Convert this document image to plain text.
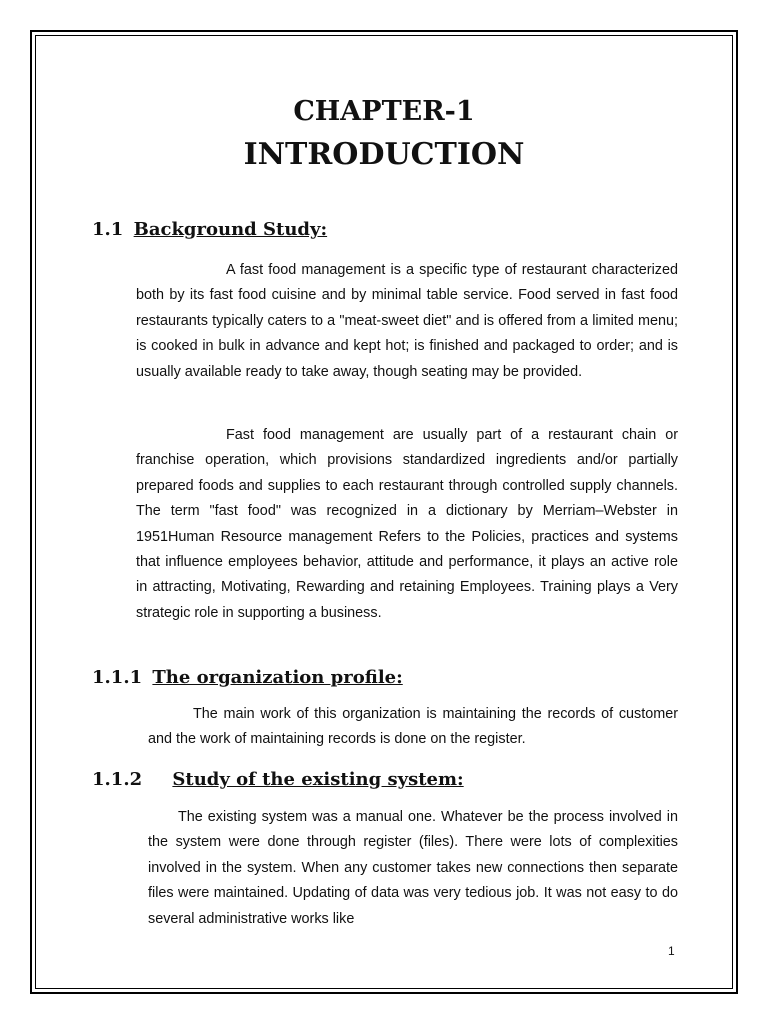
CHAPTER-1
INTRODUCTION
1.1 Background Study:

A fast food management is a specific type of restaurant characterized both by its fast food cuisine and by minimal table service. Food served in fast food restaurants typically caters to a "meat-sweet diet" and is offered from a limited menu; is cooked in bulk in advance and kept hot; is finished and packaged to order; and is usually available ready to take away, though seating may be provided.

Fast food management are usually part of a restaurant chain or franchise operation, which provisions standardized ingredients and/or partially prepared foods and supplies to each restaurant through controlled supply channels. The term "fast food" was recognized in a dictionary by Merriam–Webster in 1951Human Resource management Refers to the Policies, practices and systems that influence employees behavior, attitude and performance, it plays an active role in attracting, Motivating, Rewarding and retaining Employees. Training plays a Very strategic role in supporting a business.

1.1.1 The organization profile:

The main work of this organization is maintaining the records of customer and the work of maintaining records is done on the register.

1.1.2 Study of the existing system:

The existing system was a manual one. Whatever be the process involved in the system were done through register (files). There were lots of complexities involved in the system. When any customer takes new connections then separate files were maintained. Updating of data was very tedious job. It was not easy to do several administrative works like

1
